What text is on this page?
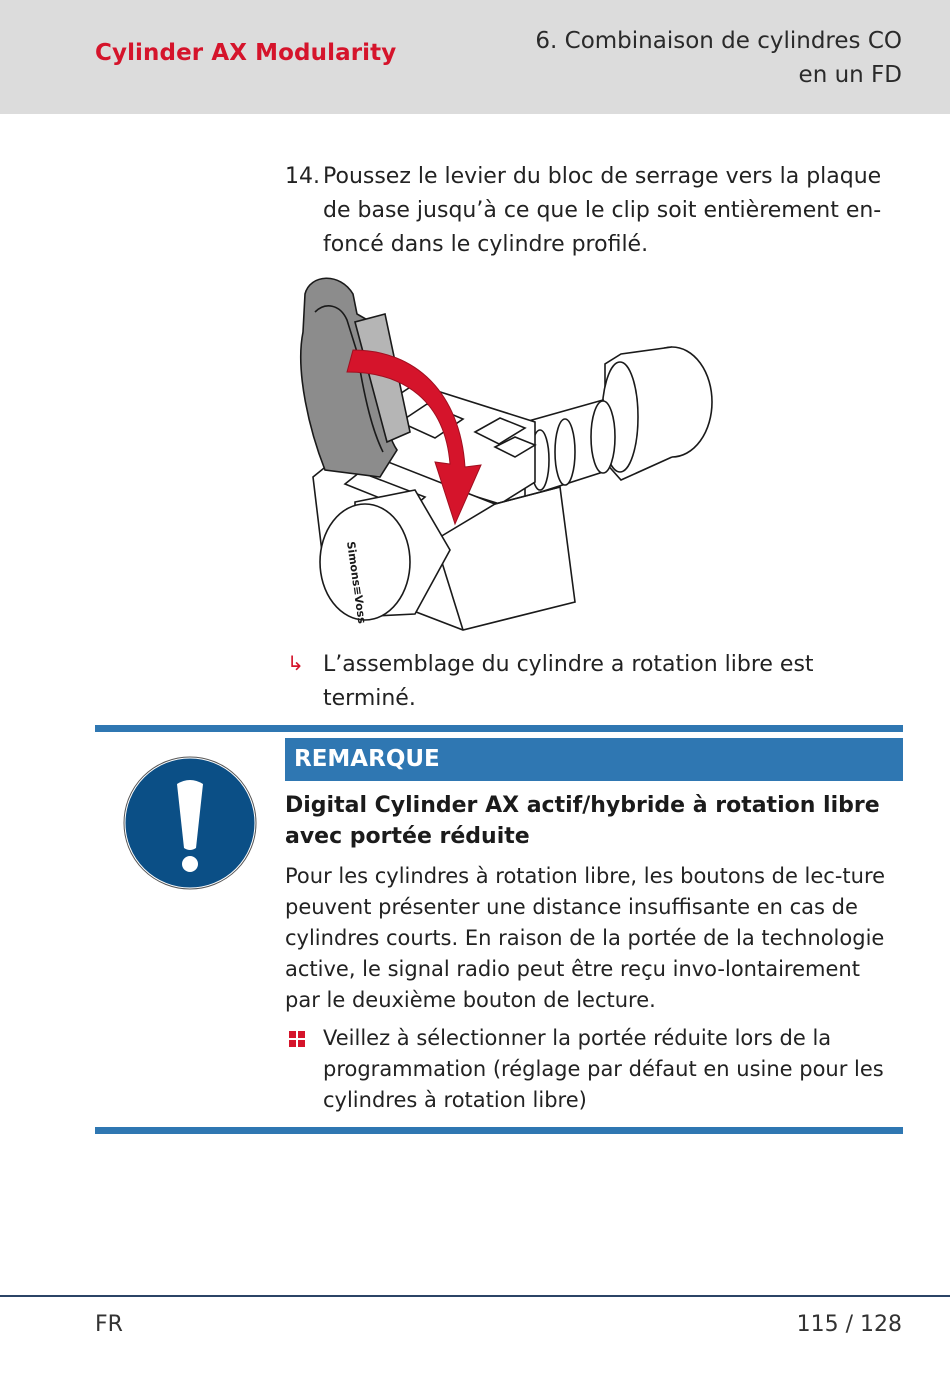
Cylinder AX Modularity	6. Combinaison de cylindres CO
en un FD
14. Poussez le levier du bloc de serrage vers la plaque de base jusqu’à ce que le clip soit entièrement en-foncé dans le cylindre profilé.
Simons≡Voss
↳ L’assemblage du cylindre a rotation libre est terminé.
REMARQUE
Digital Cylinder AX actif/hybride à rotation libre avec portée réduite
Pour les cylindres à rotation libre, les boutons de lec-ture peuvent présenter une distance insuffisante en cas de cylindres courts. En raison de la portée de la technologie active, le signal radio peut être reçu invo-lontairement par le deuxième bouton de lecture.
Veillez à sélectionner la portée réduite lors de la programmation (réglage par défaut en usine pour les cylindres à rotation libre)
FR	115 / 128
